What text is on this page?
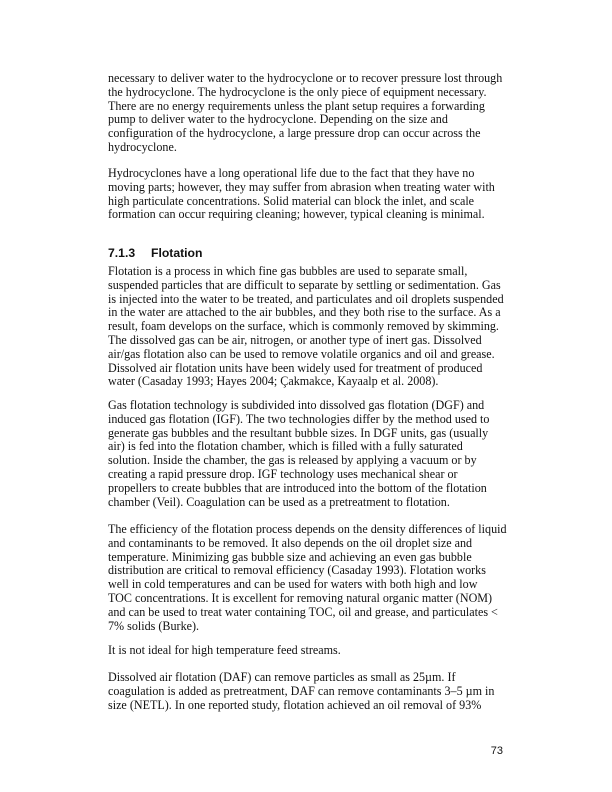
necessary to deliver water to the hydrocyclone or to recover pressure lost through
the hydrocyclone. The hydrocyclone is the only piece of equipment necessary.
There are no energy requirements unless the plant setup requires a forwarding
pump to deliver water to the hydrocyclone. Depending on the size and
configuration of the hydrocyclone, a large pressure drop can occur across the
hydrocyclone.
Hydrocyclones have a long operational life due to the fact that they have no
moving parts; however, they may suffer from abrasion when treating water with
high particulate concentrations. Solid material can block the inlet, and scale
formation can occur requiring cleaning; however, typical cleaning is minimal.
7.1.3 Flotation
Flotation is a process in which fine gas bubbles are used to separate small,
suspended particles that are difficult to separate by settling or sedimentation. Gas
is injected into the water to be treated, and particulates and oil droplets suspended
in the water are attached to the air bubbles, and they both rise to the surface. As a
result, foam develops on the surface, which is commonly removed by skimming.
The dissolved gas can be air, nitrogen, or another type of inert gas. Dissolved
air/gas flotation also can be used to remove volatile organics and oil and grease.
Dissolved air flotation units have been widely used for treatment of produced
water (Casaday 1993; Hayes 2004; Çakmakce, Kayaalp et al. 2008).
Gas flotation technology is subdivided into dissolved gas flotation (DGF) and
induced gas flotation (IGF). The two technologies differ by the method used to
generate gas bubbles and the resultant bubble sizes. In DGF units, gas (usually
air) is fed into the flotation chamber, which is filled with a fully saturated
solution. Inside the chamber, the gas is released by applying a vacuum or by
creating a rapid pressure drop. IGF technology uses mechanical shear or
propellers to create bubbles that are introduced into the bottom of the flotation
chamber (Veil). Coagulation can be used as a pretreatment to flotation.
The efficiency of the flotation process depends on the density differences of liquid
and contaminants to be removed. It also depends on the oil droplet size and
temperature. Minimizing gas bubble size and achieving an even gas bubble
distribution are critical to removal efficiency (Casaday 1993). Flotation works
well in cold temperatures and can be used for waters with both high and low
TOC concentrations. It is excellent for removing natural organic matter (NOM)
and can be used to treat water containing TOC, oil and grease, and particulates <
7% solids (Burke).
It is not ideal for high temperature feed streams.
Dissolved air flotation (DAF) can remove particles as small as 25µm. If
coagulation is added as pretreatment, DAF can remove contaminants 3–5 µm in
size (NETL). In one reported study, flotation achieved an oil removal of 93%
73
